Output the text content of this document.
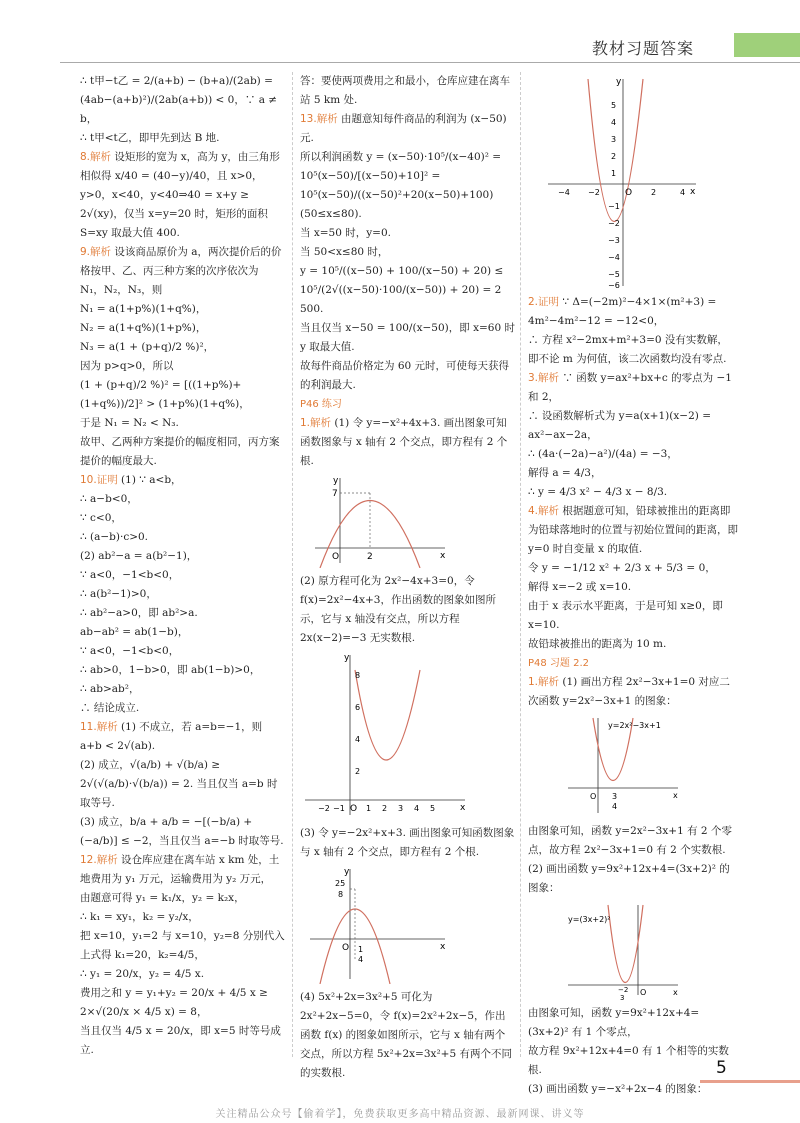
教材习题答案
∴ t甲−t乙 = 2/(a+b) − (b+a)/(2ab) = (4ab−(a+b)²)/(2ab(a+b)) < 0，∵ a ≠ b，
∴ t甲<t乙，即甲先到达 B 地.
8.解析 设矩形的宽为 x，高为 y，由三角形相似得 x/40 = (40−y)/40，且 x>0，y>0，x<40，y<40⇒40 = x+y ≥ 2√(xy)，仅当 x=y=20 时，矩形的面积 S=xy 取最大值 400.
9.解析 设该商品原价为 a，两次提价后的价格按甲、乙、丙三种方案的次序依次为 N₁，N₂，N₃，则
N₁ = a(1+p%)(1+q%)，
N₂ = a(1+q%)(1+p%)，
N₃ = a(1 + (p+q)/2 %)²，
因为 p>q>0，所以
(1 + (p+q)/2 %)² = [((1+p%)+(1+q%))/2]² > (1+p%)(1+q%)，
于是 N₁ = N₂ < N₃.
故甲、乙两种方案提价的幅度相同，丙方案提价的幅度最大.
10.证明 (1) ∵ a<b，
∴ a−b<0，
∵ c<0，
∴ (a−b)·c>0.
(2) ab²−a = a(b²−1)，
∵ a<0，−1<b<0，
∴ a(b²−1)>0，
∴ ab²−a>0，即 ab²>a.
ab−ab² = ab(1−b)，
∵ a<0，−1<b<0，
∴ ab>0，1−b>0，即 ab(1−b)>0，
∴ ab>ab²，
∴ 结论成立.
11.解析 (1) 不成立，若 a=b=−1，则 a+b < 2√(ab).
(2) 成立，√(a/b) + √(b/a) ≥ 2√(√(a/b)·√(b/a)) = 2. 当且仅当 a=b 时取等号.
(3) 成立，b/a + a/b = −[(−b/a) + (−a/b)] ≤ −2，当且仅当 a=−b 时取等号.
12.解析 设仓库应建在离车站 x km 处，土地费用为 y₁ 万元，运输费用为 y₂ 万元，
由题意可得 y₁ = k₁/x，y₂ = k₂x，
∴ k₁ = xy₁，k₂ = y₂/x，
把 x=10，y₁=2 与 x=10，y₂=8 分别代入上式得 k₁=20，k₂=4/5，
∴ y₁ = 20/x，y₂ = 4/5 x.
费用之和 y = y₁+y₂ = 20/x + 4/5 x ≥ 2×√(20/x × 4/5 x) = 8，
当且仅当 4/5 x = 20/x，即 x=5 时等号成立.
答：要使两项费用之和最小，仓库应建在离车站 5 km 处.
13.解析 由题意知每件商品的利润为 (x−50) 元.
所以利润函数 y = (x−50)·10⁵/(x−40)² = 10⁵(x−50)/[(x−50)+10]² = 10⁵(x−50)/((x−50)²+20(x−50)+100)
(50≤x≤80).
当 x=50 时，y=0.
当 50<x≤80 时，
y = 10⁵/((x−50) + 100/(x−50) + 20) ≤ 10⁵/(2√((x−50)·100/(x−50)) + 20) = 2 500.
当且仅当 x−50 = 100/(x−50)，即 x=60 时 y 取最大值.
故每件商品价格定为 60 元时，可使每天获得的利润最大.
P46 练习
1.解析 (1) 令 y=−x²+4x+3. 画出图象可知函数图象与 x 轴有 2 个交点，即方程有 2 个根.
y
x
O
7
2
(2) 原方程可化为 2x²−4x+3=0，令 f(x)=2x²−4x+3，作出函数的图象如图所示，它与 x 轴没有交点，所以方程 2x(x−2)=−3 无实数根.
y
x
O
8
6
4
2
−2 −1	1 2 3 4 5
(3) 令 y=−2x²+x+3. 画出图象可知函数图象与 x 轴有 2 个交点，即方程有 2 个根.
y
x
O
25
8
1
4
(4) 5x²+2x=3x²+5 可化为 2x²+2x−5=0，令 f(x)=2x²+2x−5，作出函数 f(x) 的图象如图所示，它与 x 轴有两个交点，所以方程 5x²+2x=3x²+5 有两个不同的实数根.
y
x
O
−4 −2	2	4
5
4
3
2
1
−1
−2
−3
−4
−5
−6
2.证明 ∵ Δ=(−2m)²−4×1×(m²+3) = 4m²−4m²−12 = −12<0，
∴ 方程 x²−2mx+m²+3=0 没有实数解，
即不论 m 为何值，该二次函数均没有零点.
3.解析 ∵ 函数 y=ax²+bx+c 的零点为 −1 和 2，
∴ 设函数解析式为 y=a(x+1)(x−2) = ax²−ax−2a，
∴ (4a·(−2a)−a²)/(4a) = −3，
解得 a = 4/3，
∴ y = 4/3 x² − 4/3 x − 8/3.
4.解析 根据题意可知，铅球被推出的距离即为铅球落地时的位置与初始位置间的距离，即 y=0 时自变量 x 的取值.
令 y = −1/12 x² + 2/3 x + 5/3 = 0，
解得 x=−2 或 x=10.
由于 x 表示水平距离，于是可知 x≥0，即 x=10.
故铅球被推出的距离为 10 m.
P48 习题 2.2
1.解析 (1) 画出方程 2x²−3x+1=0 对应二次函数 y=2x²−3x+1 的图象：
y=2x²−3x+1
O	x
3
4
由图象可知，函数 y=2x²−3x+1 有 2 个零点，故方程 2x²−3x+1=0 有 2 个实数根.
(2) 画出函数 y=9x²+12x+4=(3x+2)² 的图象：
y=(3x+2)²
O	x
−2
3
由图象可知，函数 y=9x²+12x+4=(3x+2)² 有 1 个零点，
故方程 9x²+12x+4=0 有 1 个相等的实数根.
(3) 画出函数 y=−x²+2x−4 的图象：
5
关注精品公众号【偷着学】，免费获取更多高中精品资源、最新网课、讲义等
